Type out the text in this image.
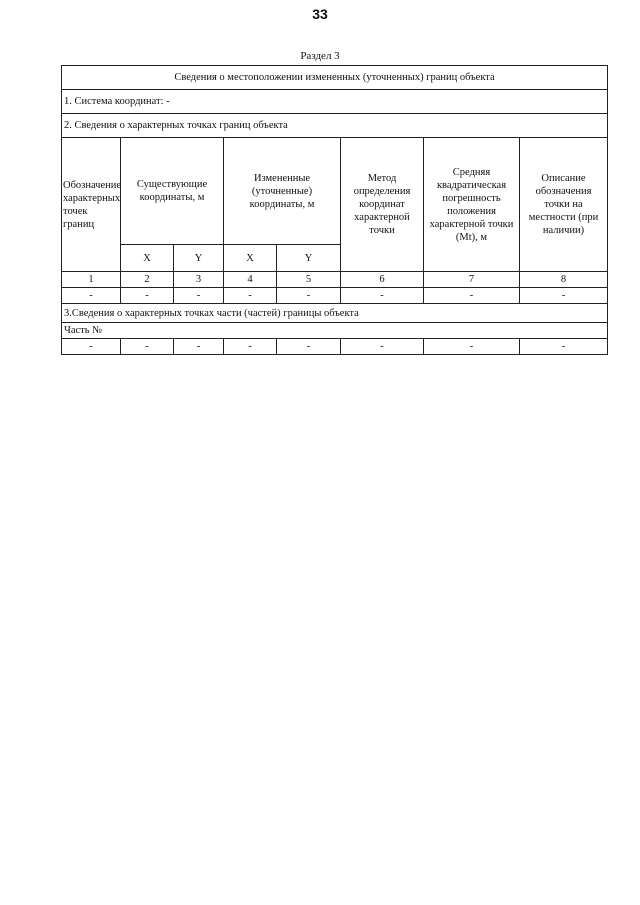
33
Раздел 3
Сведения о местоположении измененных (уточненных) границ объекта							
1. Система координат: -							
2. Сведения о характерных точках границ объекта							
Обозначение характерных точек границ	Существующие координаты, м		Измененные (уточненные) координаты, м		Метод определения координат характерной точки	Средняя квадратическая погрешность положения характерной точки (Mt), м	Описание обозначения точки на местности (при наличии)
	X	Y	X	Y			
1	2	3	4	5	6	7	8
-	-	-	-	-	-	-	-
3.Сведения о характерных точках части (частей) границы объекта							
Часть №							
-	-	-	-	-	-	-	-
